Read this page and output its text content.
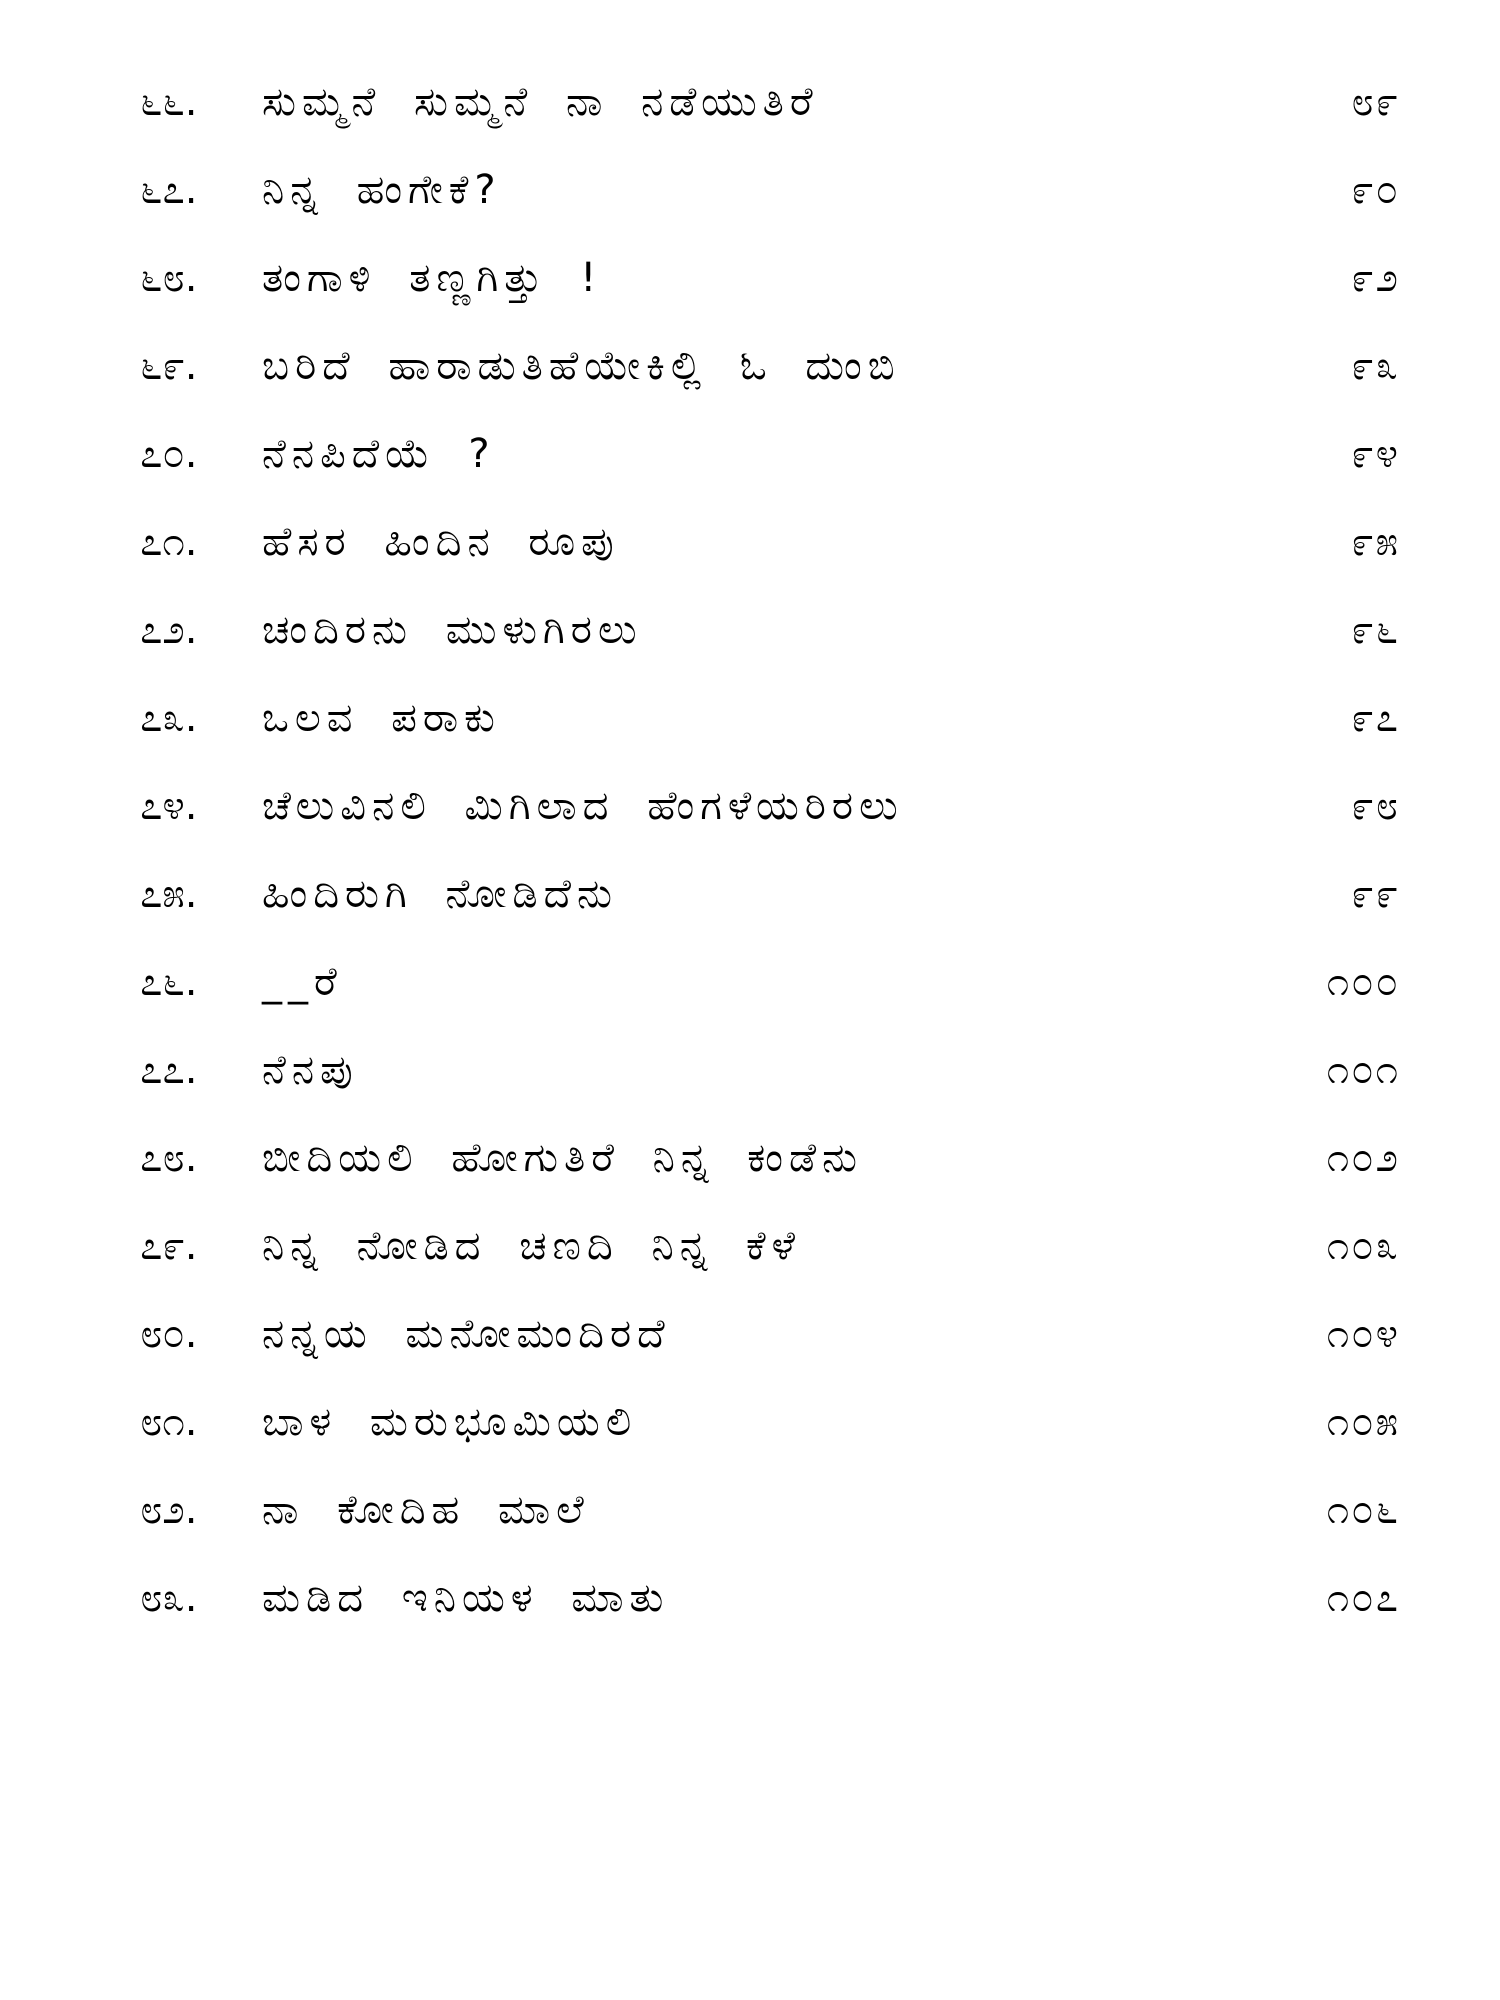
೬೬. ಸುಮ್ಮನೆ ಸುಮ್ಮನೆ ನಾ ನಡೆಯುತಿರೆ	೮೯
೬೭. ನಿನ್ನ ಹಂಗೇಕೆ?	೯೦
೬೮. ತಂಗಾಳಿ ತಣ್ಣಗಿತ್ತು !	೯೨
೬೯. ಬರಿದೆ ಹಾರಾಡುತಿಹೆಯೇಕಿಲ್ಲಿ ಓ ದುಂಬಿ	೯೩
೭೦. ನೆನಪಿದೆಯೆ ?	೯೪
೭೧. ಹೆಸರ ಹಿಂದಿನ ರೂಪು	೯೫
೭೨. ಚಂದಿರನು ಮುಳುಗಿರಲು	೯೬
೭೩. ಒಲವ ಪರಾಕು	೯೭
೭೪. ಚೆಲುವಿನಲಿ ಮಿಗಿಲಾದ ಹೆಂಗಳೆಯರಿರಲು	೯೮
೭೫. ಹಿಂದಿರುಗಿ ನೋಡಿದೆನು	೯೯
೭೬. __ರೆ	೧೦೦
೭೭. ನೆನಪು	೧೦೧
೭೮. ಬೀದಿಯಲಿ ಹೋಗುತಿರೆ ನಿನ್ನ ಕಂಡೆನು	೧೦೨
೭೯. ನಿನ್ನ ನೋಡಿದ ಚಣದಿ ನಿನ್ನ ಕೆಳೆ	೧೦೩
೮೦. ನನ್ನಯ ಮನೋಮಂದಿರದೆ	೧೦೪
೮೧. ಬಾಳ ಮರುಭೂಮಿಯಲಿ	೧೦೫
೮೨. ನಾ ಕೋದಿಹ ಮಾಲೆ	೧೦೬
೮೩. ಮಡಿದ ಇನಿಯಳ ಮಾತು	೧೦೭
